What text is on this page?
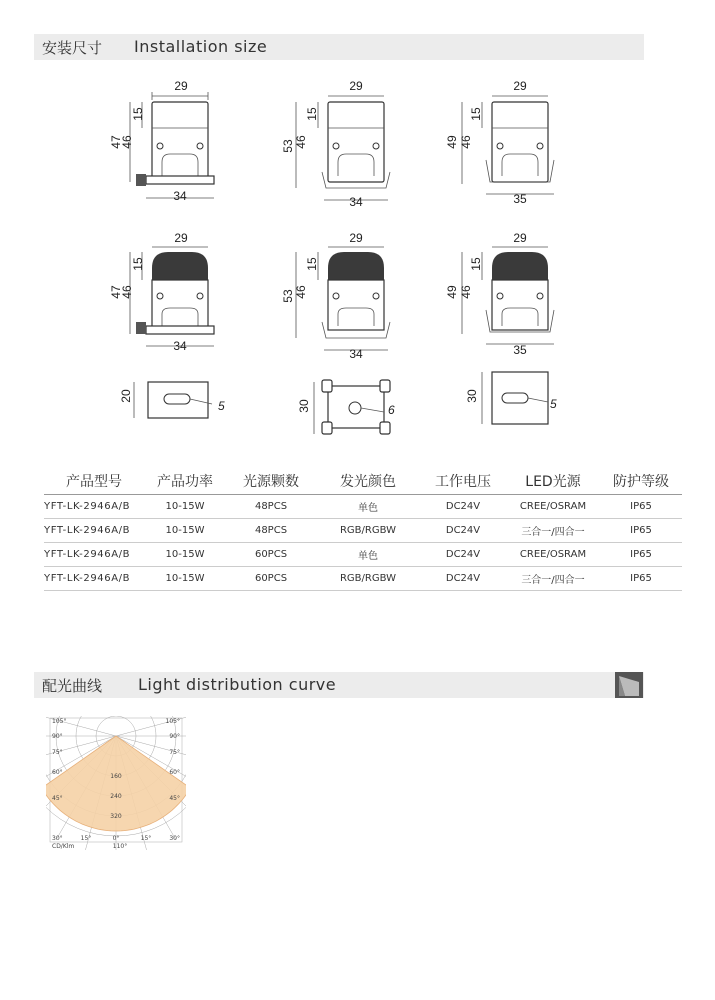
安装尺寸 Installation size
29
47
46
15
34
29
53 46
15
34
29
49 46
15
35
29
47
46
15
34
29
53 46
15
34
29
49 46
15
35
5
20
6
30	5
30
产品型号	产品功率	光源颗数	发光颜色	工作电压	LED光源	防护等级
YFT-LK-2946A/B	10-15W	48PCS	单色	DC24V	CREE/OSRAM	IP65
YFT-LK-2946A/B	10-15W	48PCS	RGB/RGBW	DC24V	三合一/四合一	IP65
YFT-LK-2946A/B	10-15W	60PCS	单色	DC24V	CREE/OSRAM	IP65
YFT-LK-2946A/B	10-15W	60PCS	RGB/RGBW	DC24V	三合一/四合一	IP65
配光曲线 Light distribution curve
160
240
320
105°
90°
75°
60°
45°
30°
105°
90°
75°
60°
45°
30°
15°	0°	15°
CD/Klm	110°
